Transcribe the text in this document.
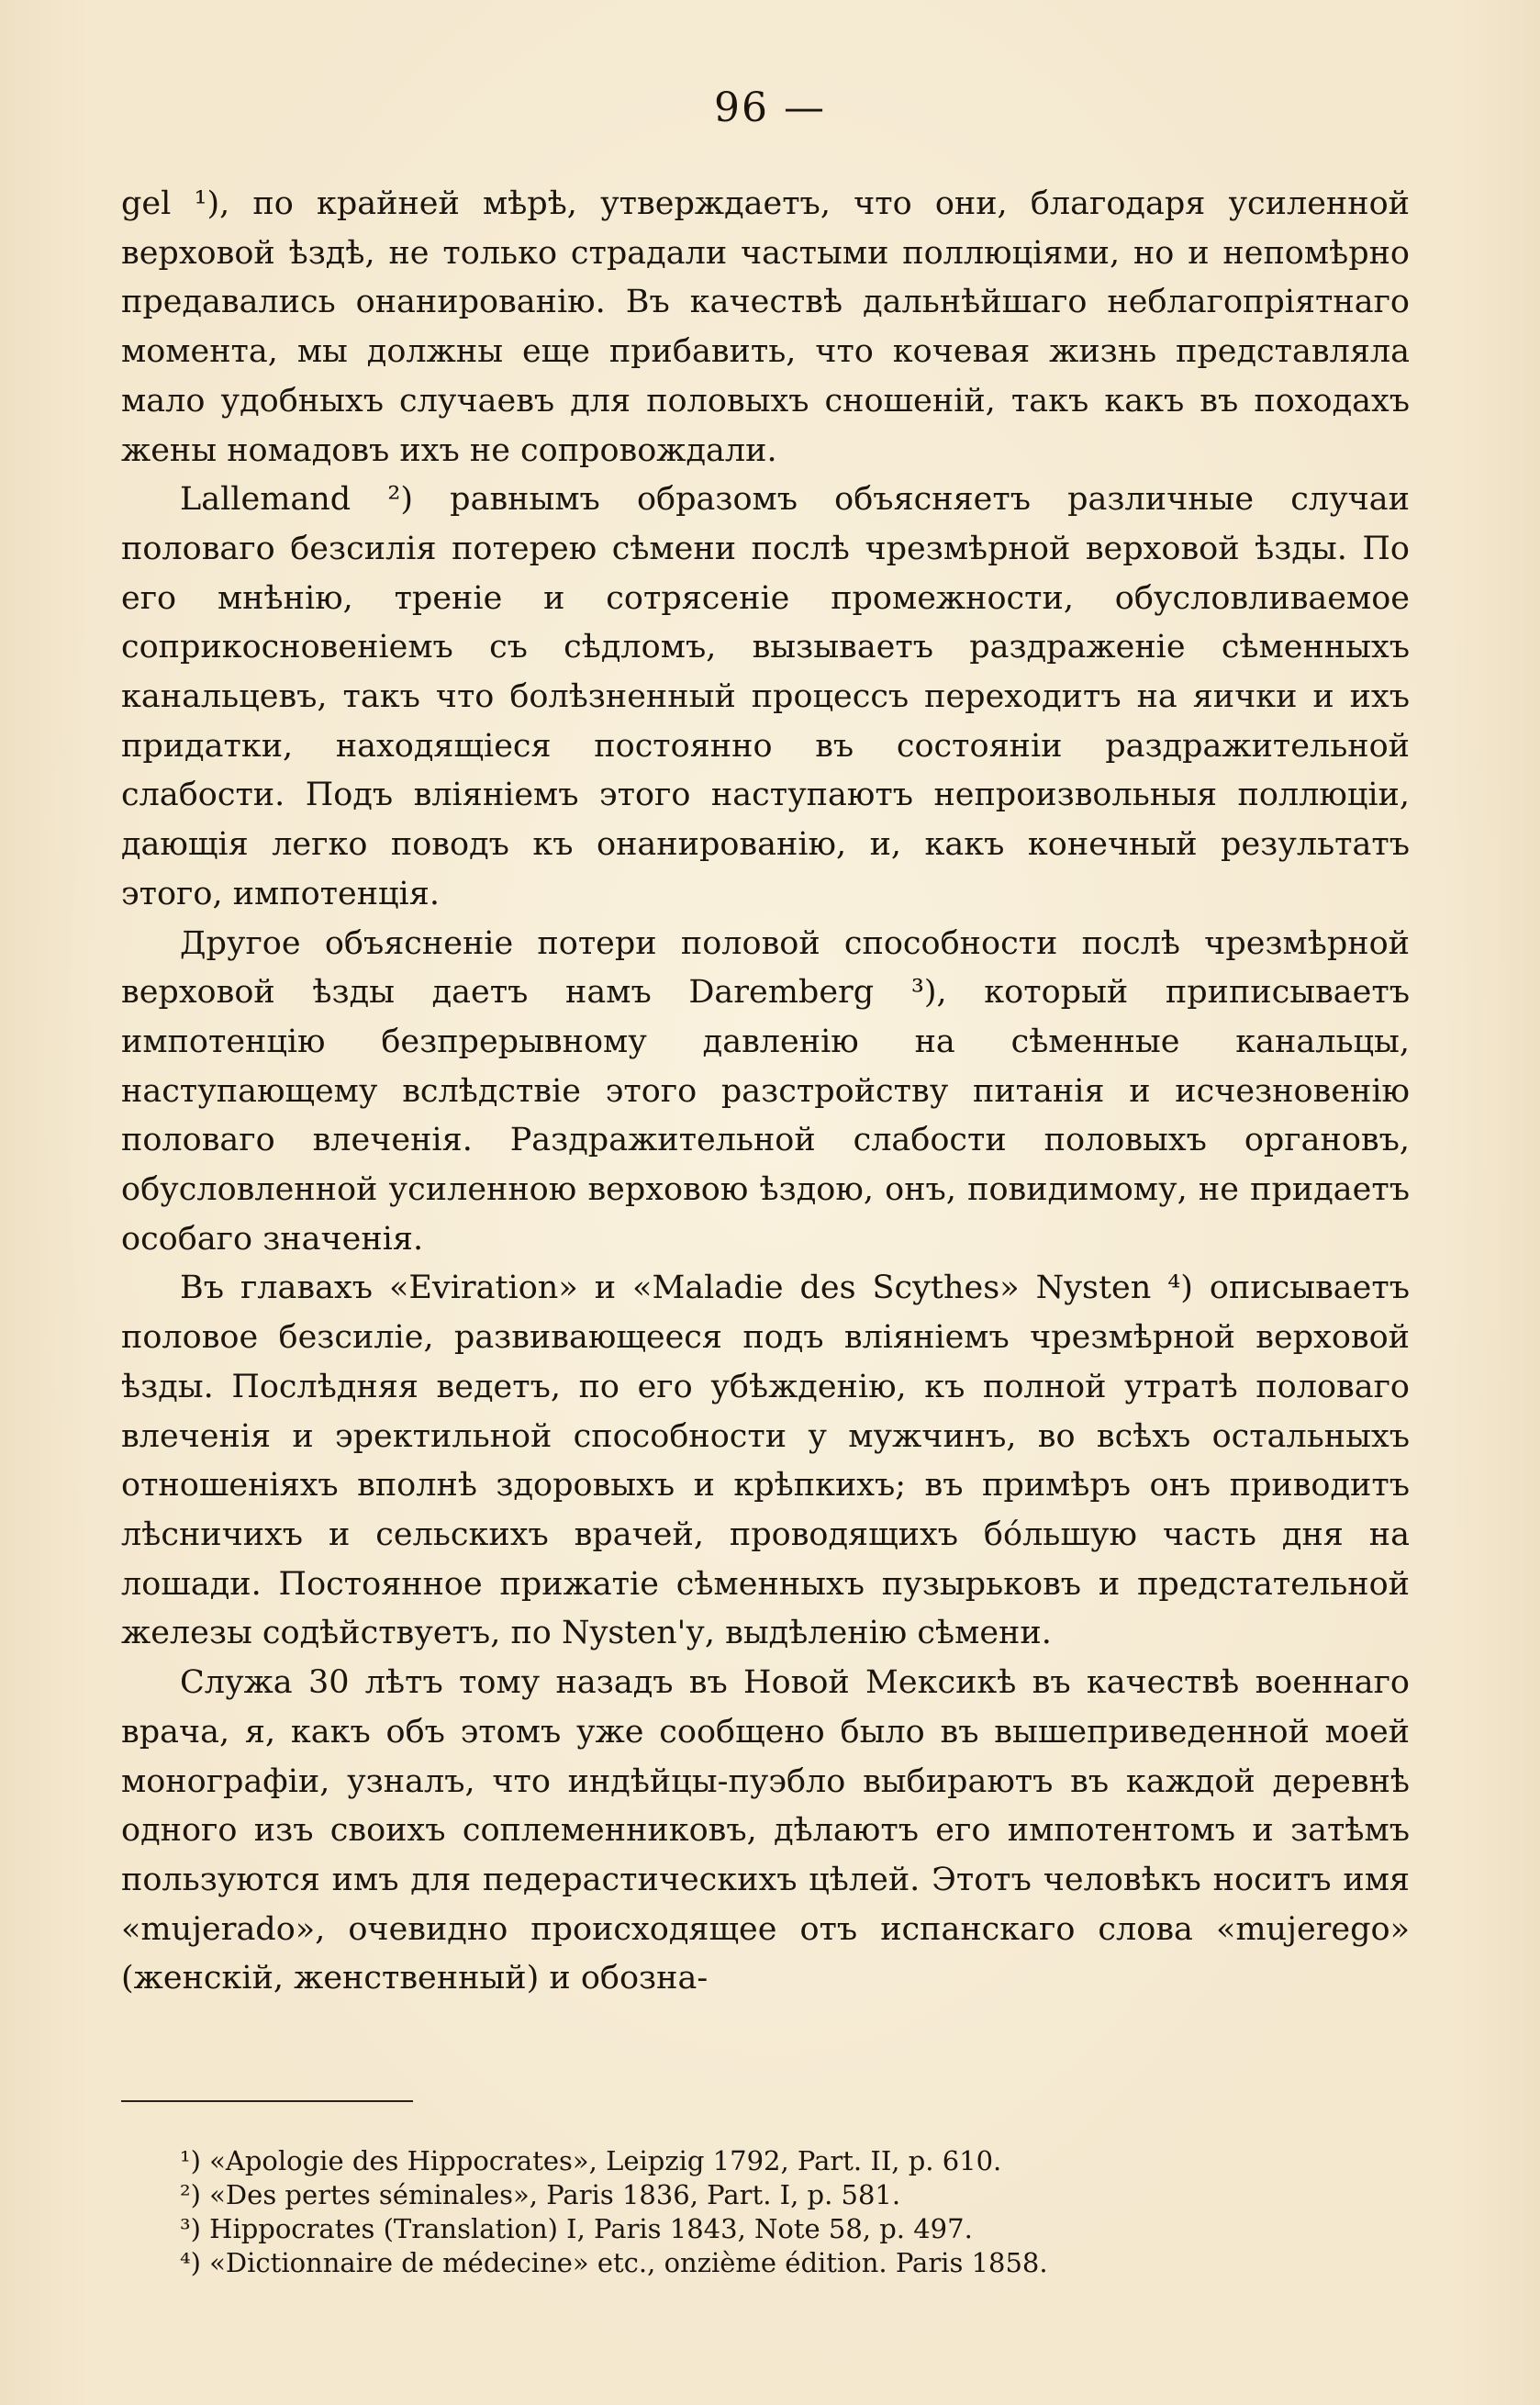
96 —

gel ¹), по крайней мѣрѣ, утверждаетъ, что они, благодаря усиленной верховой ѣздѣ, не только страдали частыми поллюціями, но и непомѣрно предавались онанированію. Въ качествѣ дальнѣйшаго неблагопріятнаго момента, мы должны еще прибавить, что кочевая жизнь представляла мало удобныхъ случаевъ для половыхъ сношеній, такъ какъ въ походахъ жены номадовъ ихъ не сопровождали.

Lallemand ²) равнымъ образомъ объясняетъ различные случаи половаго безсилія потерею сѣмени послѣ чрезмѣрной верховой ѣзды. По его мнѣнію, треніе и сотрясеніе промежности, обусловливаемое соприкосновеніемъ съ сѣдломъ, вызываетъ раздраженіе сѣменныхъ канальцевъ, такъ что болѣзненный процессъ переходитъ на яички и ихъ придатки, находящіеся постоянно въ состояніи раздражительной слабости. Подъ вліяніемъ этого наступаютъ непроизвольныя поллюціи, дающія легко поводъ къ онанированію, и, какъ конечный результатъ этого, импотенція.

Другое объясненіе потери половой способности послѣ чрезмѣрной верховой ѣзды даетъ намъ Daremberg ³), который приписываетъ импотенцію безпрерывному давленію на сѣменные канальцы, наступающему вслѣдствіе этого разстройству питанія и исчезновенію половаго влеченія. Раздражительной слабости половыхъ органовъ, обусловленной усиленною верховою ѣздою, онъ, повидимому, не придаетъ особаго значенія.

Въ главахъ «Eviration» и «Maladie des Scythes» Nysten ⁴) описываетъ половое безсиліе, развивающееся подъ вліяніемъ чрезмѣрной верховой ѣзды. Послѣдняя ведетъ, по его убѣжденію, къ полной утратѣ половаго влеченія и эректильной способности у мужчинъ, во всѣхъ остальныхъ отношеніяхъ вполнѣ здоровыхъ и крѣпкихъ; въ примѣръ онъ приводитъ лѣсничихъ и сельскихъ врачей, проводящихъ бóльшую часть дня на лошади. Постоянное прижатіе сѣменныхъ пузырьковъ и предстательной железы содѣйствуетъ, по Nysten'у, выдѣленію сѣмени.

Служа 30 лѣтъ тому назадъ въ Новой Мексикѣ въ качествѣ военнаго врача, я, какъ объ этомъ уже сообщено было въ вышеприведенной моей монографіи, узналъ, что индѣйцы-пуэбло выбираютъ въ каждой деревнѣ одного изъ своихъ соплеменниковъ, дѣлаютъ его импотентомъ и затѣмъ пользуются имъ для педерастическихъ цѣлей. Этотъ человѣкъ носитъ имя «mujerado», очевидно происходящее отъ испанскаго слова «mujerego» (женскій, женственный) и обозна-

¹) «Apologie des Hippocrates», Leipzig 1792, Part. II, p. 610.

²) «Des pertes séminales», Paris 1836, Part. I, p. 581.

³) Hippocrates (Translation) I, Paris 1843, Note 58, p. 497.

⁴) «Dictionnaire de médecine» etc., onzième édition. Paris 1858.
